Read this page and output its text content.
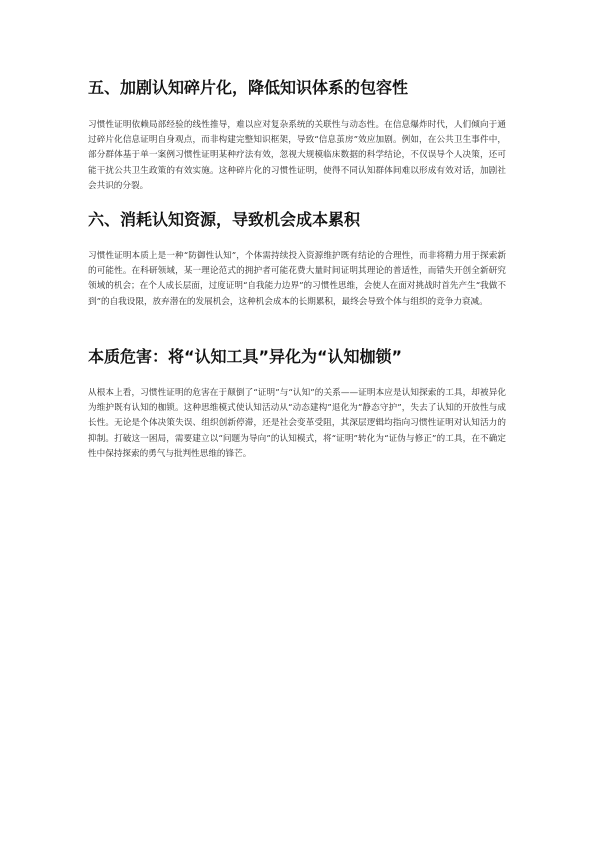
五、加剧认知碎片化，降低知识体系的包容性

习惯性证明依赖局部经验的线性推导，难以应对复杂系统的关联性与动态性。在信息爆炸时代，人们倾向于通过碎片化信息证明自身观点，而非构建完整知识框架，导致“信息茧房”效应加剧。例如，在公共卫生事件中，部分群体基于单一案例习惯性证明某种疗法有效，忽视大规模临床数据的科学结论，不仅误导个人决策，还可能干扰公共卫生政策的有效实施。这种碎片化的习惯性证明，使得不同认知群体间难以形成有效对话，加剧社会共识的分裂。

六、消耗认知资源，导致机会成本累积

习惯性证明本质上是一种“防御性认知”，个体需持续投入资源维护既有结论的合理性，而非将精力用于探索新的可能性。在科研领域，某一理论范式的拥护者可能花费大量时间证明其理论的普适性，而错失开创全新研究领域的机会；在个人成长层面，过度证明“自我能力边界”的习惯性思维，会使人在面对挑战时首先产生“我做不到”的自我设限，放弃潜在的发展机会，这种机会成本的长期累积，最终会导致个体与组织的竞争力衰减。

本质危害：将“认知工具”异化为“认知枷锁”

从根本上看，习惯性证明的危害在于颠倒了“证明”与“认知”的关系——证明本应是认知探索的工具，却被异化为维护既有认知的枷锁。这种思维模式使认知活动从“动态建构”退化为“静态守护”，失去了认知的开放性与成长性。无论是个体决策失误、组织创新停滞，还是社会变革受阻，其深层逻辑均指向习惯性证明对认知活力的抑制。打破这一困局，需要建立以“问题为导向”的认知模式，将“证明”转化为“证伪与修正”的工具，在不确定性中保持探索的勇气与批判性思维的锋芒。
